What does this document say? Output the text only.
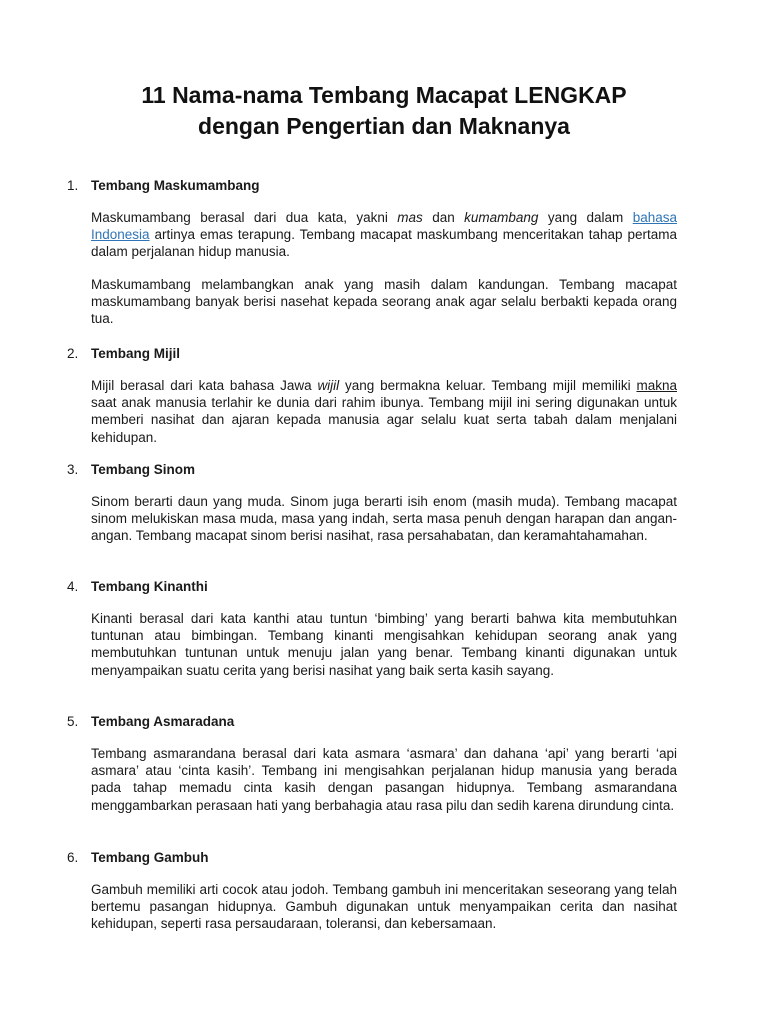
11 Nama-nama Tembang Macapat LENGKAP
dengan Pengertian dan Maknanya
1. Tembang Maskumambang

Maskumambang berasal dari dua kata, yakni mas dan kumambang yang dalam bahasa Indonesia artinya emas terapung. Tembang macapat maskumbang menceritakan tahap pertama dalam perjalanan hidup manusia.

Maskumambang melambangkan anak yang masih dalam kandungan. Tembang macapat maskumambang banyak berisi nasehat kepada seorang anak agar selalu berbakti kepada orang tua.

2. Tembang Mijil

Mijil berasal dari kata bahasa Jawa wijil yang bermakna keluar. Tembang mijil memiliki makna saat anak manusia terlahir ke dunia dari rahim ibunya. Tembang mijil ini sering digunakan untuk memberi nasihat dan ajaran kepada manusia agar selalu kuat serta tabah dalam menjalani kehidupan.

3. Tembang Sinom

Sinom berarti daun yang muda. Sinom juga berarti isih enom (masih muda). Tembang macapat sinom melukiskan masa muda, masa yang indah, serta masa penuh dengan harapan dan angan-angan. Tembang macapat sinom berisi nasihat, rasa persahabatan, dan keramahtahamahan.

4. Tembang Kinanthi

Kinanti berasal dari kata kanthi atau tuntun ‘bimbing’ yang berarti bahwa kita membutuhkan tuntunan atau bimbingan. Tembang kinanti mengisahkan kehidupan seorang anak yang membutuhkan tuntunan untuk menuju jalan yang benar. Tembang kinanti digunakan untuk menyampaikan suatu cerita yang berisi nasihat yang baik serta kasih sayang.

5. Tembang Asmaradana

Tembang asmarandana berasal dari kata asmara ‘asmara’ dan dahana ‘api’ yang berarti ‘api asmara’ atau ‘cinta kasih’. Tembang ini mengisahkan perjalanan hidup manusia yang berada pada tahap memadu cinta kasih dengan pasangan hidupnya. Tembang asmarandana menggambarkan perasaan hati yang berbahagia atau rasa pilu dan sedih karena dirundung cinta.

6. Tembang Gambuh

Gambuh memiliki arti cocok atau jodoh. Tembang gambuh ini menceritakan seseorang yang telah bertemu pasangan hidupnya. Gambuh digunakan untuk menyampaikan cerita dan nasihat kehidupan, seperti rasa persaudaraan, toleransi, dan kebersamaan.
